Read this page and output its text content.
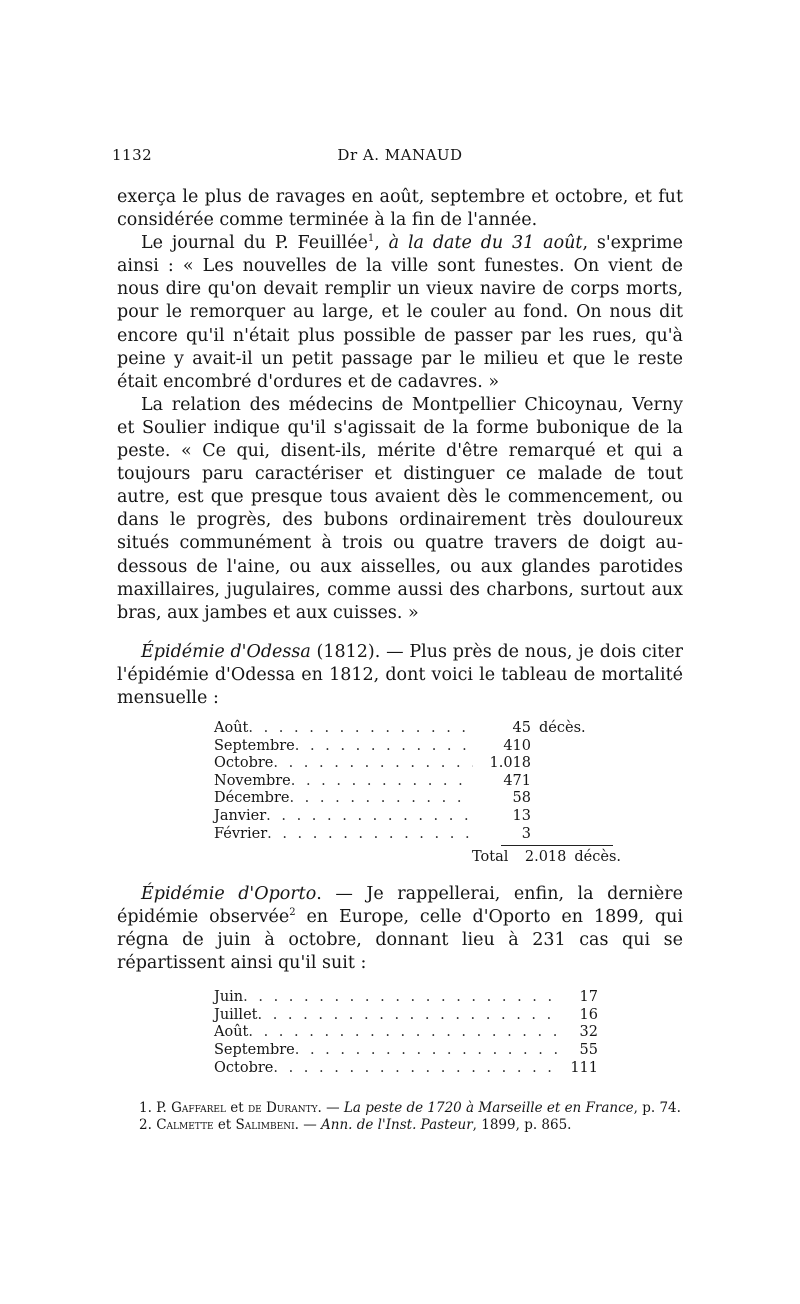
1132	Dr A. MANAUD

exerça le plus de ravages en août, septembre et octobre, et fut considérée comme terminée à la fin de l'année.

Le journal du P. Feuillée$^1$, à la date du 31 août, s'exprime ainsi : « Les nouvelles de la ville sont funestes. On vient de nous dire qu'on devait remplir un vieux navire de corps morts, pour le remorquer au large, et le couler au fond. On nous dit encore qu'il n'était plus possible de passer par les rues, qu'à peine y avait-il un petit passage par le milieu et que le reste était encombré d'ordures et de cadavres. »

La relation des médecins de Montpellier Chicoynau, Verny et Soulier indique qu'il s'agissait de la forme bubonique de la peste. « Ce qui, disent-ils, mérite d'être remarqué et qui a toujours paru caractériser et distinguer ce malade de tout autre, est que presque tous avaient dès le commencement, ou dans le progrès, des bubons ordinairement très douloureux situés communément à trois ou quatre travers de doigt au-dessous de l'aine, ou aux aisselles, ou aux glandes parotides maxillaires, jugulaires, comme aussi des charbons, surtout aux bras, aux jambes et aux cuisses. »

Épidémie d'Odessa (1812). — Plus près de nous, je dois citer l'épidémie d'Odessa en 1812, dont voici le tableau de mortalité mensuelle :

Août . . .	45 décès.
Septembre . . .	410
Octobre . . .	1.018
Novembre . . .	471
Décembre . . .	58
Janvier . . .	13
Février . . .	3
Total	2.018 décès.

Épidémie d'Oporto. — Je rappellerai, enfin, la dernière épidémie observée$^2$ en Europe, celle d'Oporto en 1899, qui régna de juin à octobre, donnant lieu à 231 cas qui se répartissent ainsi qu'il suit :

Juin . . .	17
Juillet . . .	16
Août . . .	32
Septembre . . .	55
Octobre . . .	111

1. P. Gaffarel et de Duranty. — La peste de 1720 à Marseille et en France, p. 74.

2. Calmette et Salimbeni. — Ann. de l'Inst. Pasteur, 1899, p. 865.
